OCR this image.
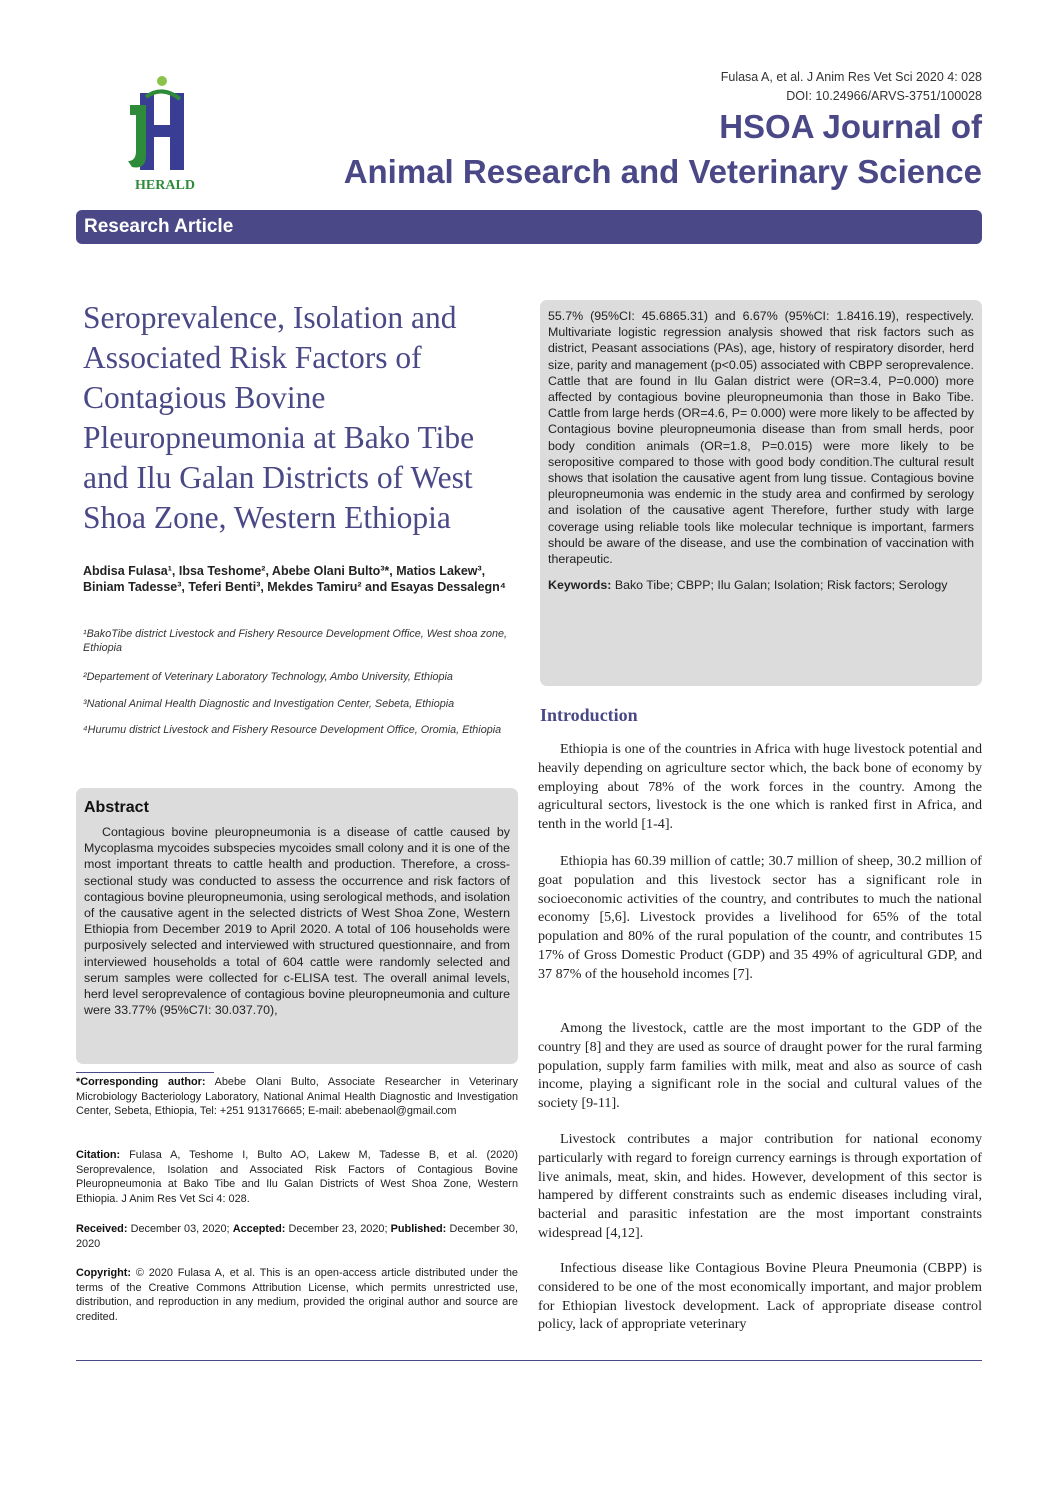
HERALD
Fulasa A, et al. J Anim Res Vet Sci 2020 4: 028
DOI: 10.24966/ARVS-3751/100028
HSOA Journal of
Animal Research and Veterinary Science
Research Article
Seroprevalence, Isolation and Associated Risk Factors of Contagious Bovine Pleuropneumonia at Bako Tibe and Ilu Galan Districts of West Shoa Zone, Western Ethiopia
Abdisa Fulasa¹, Ibsa Teshome², Abebe Olani Bulto³*, Matios Lakew³, Biniam Tadesse³, Teferi Benti³, Mekdes Tamiru² and Esayas Dessalegn⁴
¹BakoTibe district Livestock and Fishery Resource Development Office, West shoa zone, Ethiopia
²Departement of Veterinary Laboratory Technology, Ambo University, Ethiopia
³National Animal Health Diagnostic and Investigation Center, Sebeta, Ethiopia
⁴Hurumu district Livestock and Fishery Resource Development Office, Oromia, Ethiopia
Abstract
Contagious bovine pleuropneumonia is a disease of cattle caused by Mycoplasma mycoides subspecies mycoides small colony and it is one of the most important threats to cattle health and production. Therefore, a cross-sectional study was conducted to assess the occurrence and risk factors of contagious bovine pleuropneumonia, using serological methods, and isolation of the causative agent in the selected districts of West Shoa Zone, Western Ethiopia from December 2019 to April 2020. A total of 106 households were purposively selected and interviewed with structured questionnaire, and from interviewed households a total of 604 cattle were randomly selected and serum samples were collected for c-ELISA test. The overall animal levels, herd level seroprevalence of contagious bovine pleuropneumonia and culture were 33.77% (95%C7I: 30.037.70),
*Corresponding author: Abebe Olani Bulto, Associate Researcher in Veterinary Microbiology Bacteriology Laboratory, National Animal Health Diagnostic and Investigation Center, Sebeta, Ethiopia, Tel: +251 913176665; E-mail: abebenaol@gmail.com
Citation: Fulasa A, Teshome I, Bulto AO, Lakew M, Tadesse B, et al. (2020) Seroprevalence, Isolation and Associated Risk Factors of Contagious Bovine Pleuropneumonia at Bako Tibe and Ilu Galan Districts of West Shoa Zone, Western Ethiopia. J Anim Res Vet Sci 4: 028.
Received: December 03, 2020; Accepted: December 23, 2020; Published: December 30, 2020
Copyright: © 2020 Fulasa A, et al. This is an open-access article distributed under the terms of the Creative Commons Attribution License, which permits unrestricted use, distribution, and reproduction in any medium, provided the original author and source are credited.
55.7% (95%CI: 45.6865.31) and 6.67% (95%CI: 1.8416.19), respectively. Multivariate logistic regression analysis showed that risk factors such as district, Peasant associations (PAs), age, history of respiratory disorder, herd size, parity and management (p<0.05) associated with CBPP seroprevalence. Cattle that are found in Ilu Galan district were (OR=3.4, P=0.000) more affected by contagious bovine pleuropneumonia than those in Bako Tibe. Cattle from large herds (OR=4.6, P= 0.000) were more likely to be affected by Contagious bovine pleuropneumonia disease than from small herds, poor body condition animals (OR=1.8, P=0.015) were more likely to be seropositive compared to those with good body condition.The cultural result shows that isolation the causative agent from lung tissue. Contagious bovine pleuropneumonia was endemic in the study area and confirmed by serology and isolation of the causative agent Therefore, further study with large coverage using reliable tools like molecular technique is important, farmers should be aware of the disease, and use the combination of vaccination with therapeutic.
Keywords: Bako Tibe; CBPP; Ilu Galan; Isolation; Risk factors; Serology
Introduction
Ethiopia is one of the countries in Africa with huge livestock potential and heavily depending on agriculture sector which, the back bone of economy by employing about 78% of the work forces in the country. Among the agricultural sectors, livestock is the one which is ranked first in Africa, and tenth in the world [1-4].
Ethiopia has 60.39 million of cattle; 30.7 million of sheep, 30.2 million of goat population and this livestock sector has a significant role in socioeconomic activities of the country, and contributes to much the national economy [5,6]. Livestock provides a livelihood for 65% of the total population and 80% of the rural population of the countr, and contributes 15 17% of Gross Domestic Product (GDP) and 35 49% of agricultural GDP, and 37 87% of the household incomes [7].
Among the livestock, cattle are the most important to the GDP of the country [8] and they are used as source of draught power for the rural farming population, supply farm families with milk, meat and also as source of cash income, playing a significant role in the social and cultural values of the society [9-11].
Livestock contributes a major contribution for national economy particularly with regard to foreign currency earnings is through exportation of live animals, meat, skin, and hides. However, development of this sector is hampered by different constraints such as endemic diseases including viral, bacterial and parasitic infestation are the most important constraints widespread [4,12].
Infectious disease like Contagious Bovine Pleura Pneumonia (CBPP) is considered to be one of the most economically important, and major problem for Ethiopian livestock development. Lack of appropriate disease control policy, lack of appropriate veterinary
